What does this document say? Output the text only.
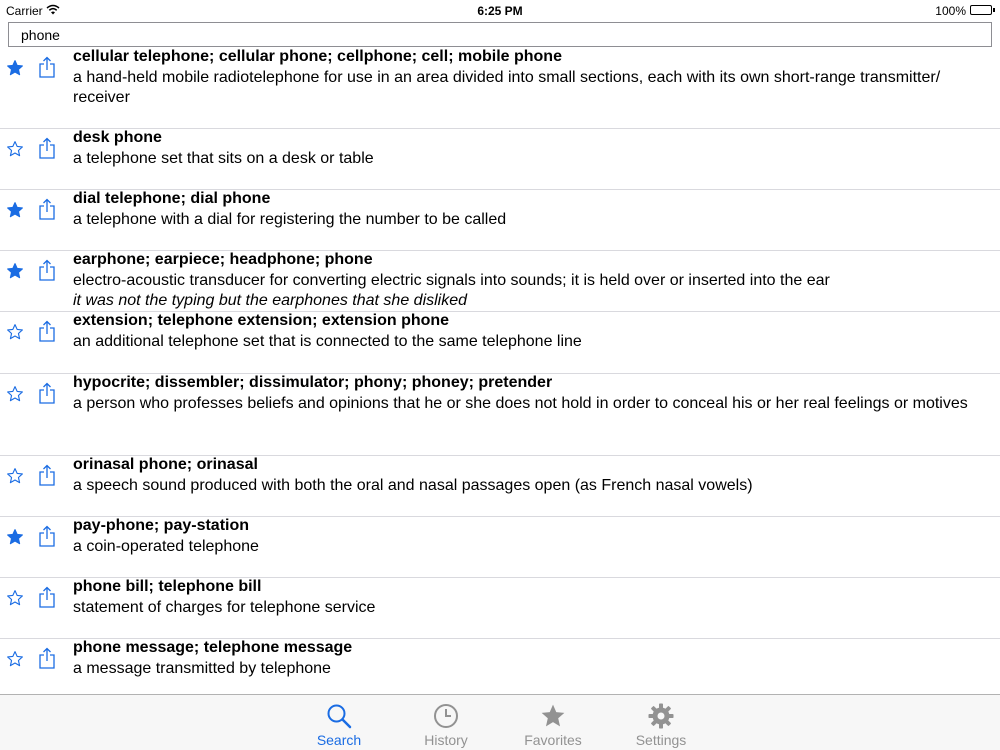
Carrier	6:25 PM	100%
phone
cellular telephone; cellular phone; cellphone; cell; mobile phone
a hand-held mobile radiotelephone for use in an area divided into small sections, each with its own short-range transmitter/ receiver
desk phone
a telephone set that sits on a desk or table
dial telephone; dial phone
a telephone with a dial for registering the number to be called
earphone; earpiece; headphone; phone
electro-acoustic transducer for converting electric signals into sounds; it is held over or inserted into the ear
it was not the typing but the earphones that she disliked
extension; telephone extension; extension phone
an additional telephone set that is connected to the same telephone line
hypocrite; dissembler; dissimulator; phony; phoney; pretender
a person who professes beliefs and opinions that he or she does not hold in order to conceal his or her real feelings or motives
orinasal phone; orinasal
a speech sound produced with both the oral and nasal passages open (as French nasal vowels)
pay-phone; pay-station
a coin-operated telephone
phone bill; telephone bill
statement of charges for telephone service
phone message; telephone message
a message transmitted by telephone
Search	History	Favorites	Settings
